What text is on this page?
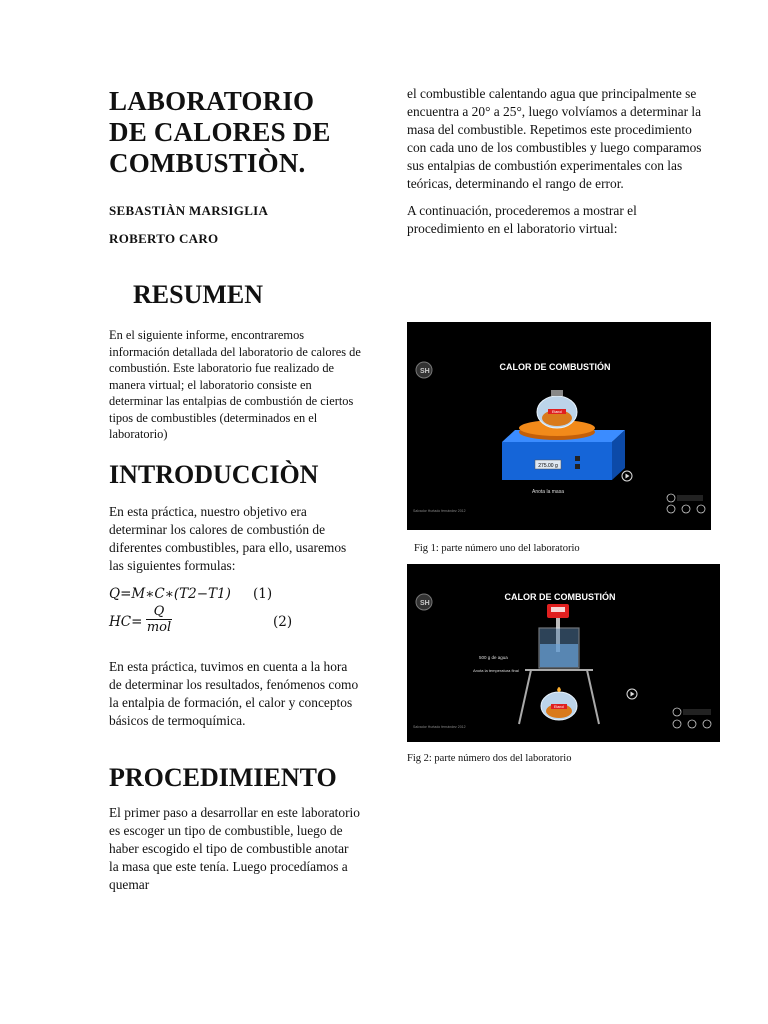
LABORATORIO
DE CALORES DE
COMBUSTIÒN.
SEBASTIÀN MARSIGLIA
ROBERTO CARO
RESUMEN

En el siguiente informe, encontraremos información detallada del laboratorio de calores de combustión. Este laboratorio fue realizado de manera virtual; el laboratorio consiste en determinar las entalpias de combustión de ciertos tipos de combustibles (determinados en el laboratorio)

INTRODUCCIÒN

En esta práctica, nuestro objetivo era determinar los calores de combustión de diferentes combustibles, para ello, usaremos las siguientes formulas:

Q=M∗C∗(T2−T1) (1)
HC=
Q
mol	(2)

En esta práctica, tuvimos en cuenta a la hora de determinar los resultados, fenómenos como la entalpia de formación, el calor y conceptos básicos de termoquímica.

PROCEDIMIENTO

El primer paso a desarrollar en este laboratorio es escoger un tipo de combustible, luego de haber escogido el tipo de combustible anotar la masa que este tenía. Luego procedíamos a quemar

el combustible calentando agua que principalmente se encuentra a 20° a 25°, luego volvíamos a determinar la masa del combustible. Repetimos este procedimiento con cada uno de los combustibles y luego comparamos sus entalpias de combustión experimentales con las teóricas, determinando el rango de error.

A continuación, procederemos a mostrar el procedimiento en el laboratorio virtual:

SH	CALOR DE COMBUSTIÓN
275.00 g
Etanol
Anota la masa
Salvador Hurtado fernández 2012
Fig 1: parte número uno del laboratorio
SH
CALOR DE COMBUSTIÓN
Etanol
500 g de agua
Anota la temperatura final
Salvador Hurtado fernández 2012
Fig 2: parte número dos del laboratorio
